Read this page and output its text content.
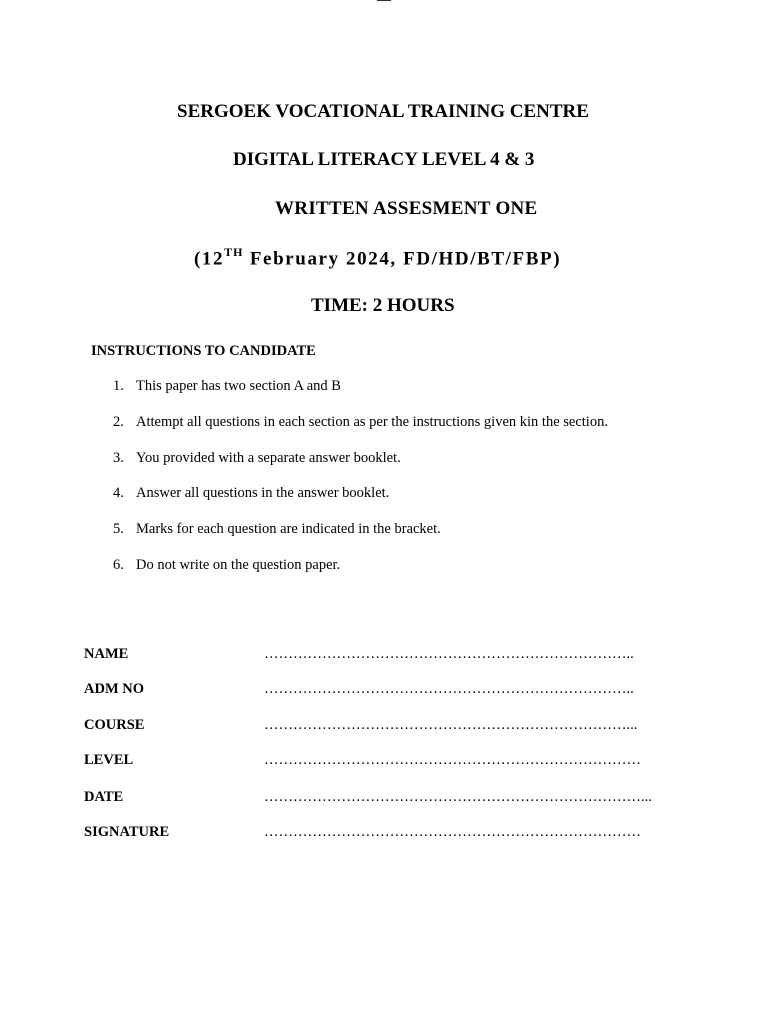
SERGOEK VOCATIONAL TRAINING CENTRE
DIGITAL LITERACY LEVEL 4 & 3
WRITTEN ASSESMENT ONE
(12TH February 2024, FD/HD/BT/FBP)
TIME: 2 HOURS
INSTRUCTIONS TO CANDIDATE
1. This paper has two section A and B
2. Attempt all questions in each section as per the instructions given kin the section.
3. You provided with a separate answer booklet.
4. Answer all questions in the answer booklet.
5. Marks for each question are indicated in the bracket.
6. Do not write on the question paper.
NAME	…………………………………………………………………..
ADM NO	…………………………………………………………………..
COURSE	…………………………………………………………………...
LEVEL	……………………………………………………………………
DATE	……………………………………………………………………...
SIGNATURE	……………………………………………………………………
